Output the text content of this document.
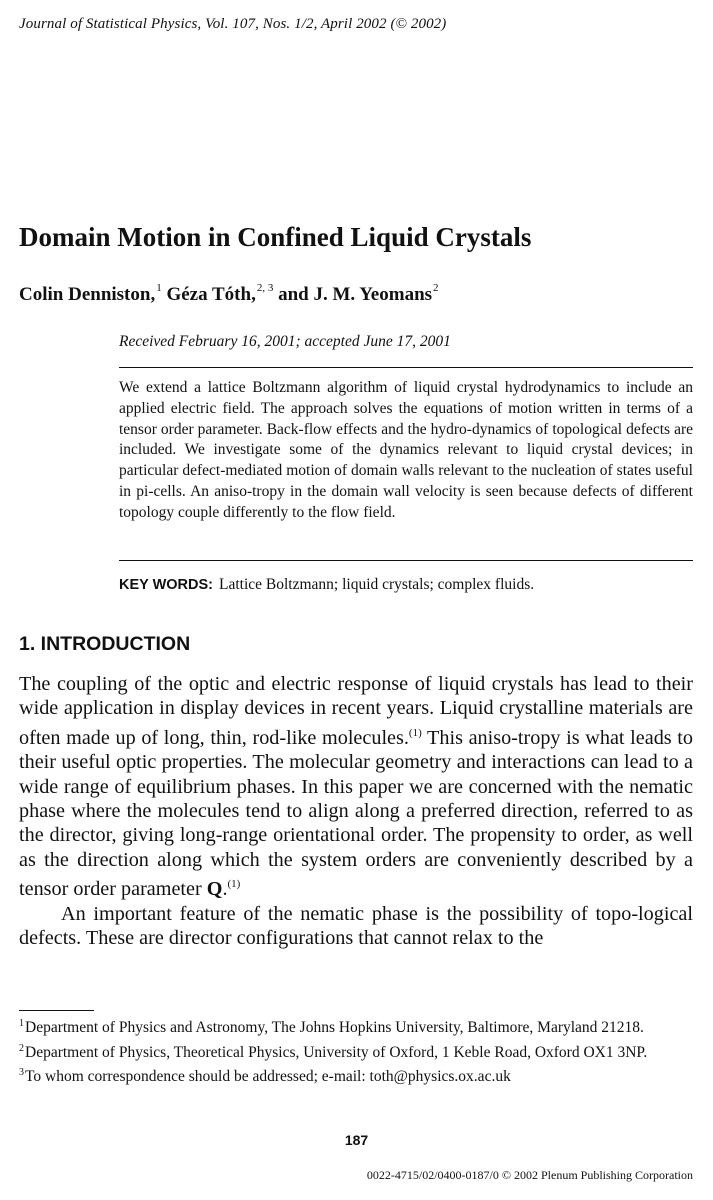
Journal of Statistical Physics, Vol. 107, Nos. 1/2, April 2002 (© 2002)
Domain Motion in Confined Liquid Crystals
Colin Denniston,$^1$ Géza Tóth,$^{2, 3}$ and J. M. Yeomans$^2$
Received February 16, 2001; accepted June 17, 2001
We extend a lattice Boltzmann algorithm of liquid crystal hydrodynamics to include an applied electric field. The approach solves the equations of motion written in terms of a tensor order parameter. Back-flow effects and the hydro-dynamics of topological defects are included. We investigate some of the dynamics relevant to liquid crystal devices; in particular defect-mediated motion of domain walls relevant to the nucleation of states useful in pi-cells. An aniso-tropy in the domain wall velocity is seen because defects of different topology couple differently to the flow field.
KEY WORDS: Lattice Boltzmann; liquid crystals; complex fluids.
1. INTRODUCTION

The coupling of the optic and electric response of liquid crystals has lead to their wide application in display devices in recent years. Liquid crystalline materials are often made up of long, thin, rod-like molecules.$^{(1)}$ This aniso-tropy is what leads to their useful optic properties. The molecular geometry and interactions can lead to a wide range of equilibrium phases. In this paper we are concerned with the nematic phase where the molecules tend to align along a preferred direction, referred to as the director, giving long-range orientational order. The propensity to order, as well as the direction along which the system orders are conveniently described by a tensor order parameter Q.$^{(1)}$

An important feature of the nematic phase is the possibility of topo-logical defects. These are director configurations that cannot relax to the

$^1$Department of Physics and Astronomy, The Johns Hopkins University, Baltimore, Maryland 21218.
$^2$Department of Physics, Theoretical Physics, University of Oxford, 1 Keble Road, Oxford OX1 3NP.
$^3$To whom correspondence should be addressed; e-mail: toth@physics.ox.ac.uk
187
0022-4715/02/0400-0187/0 © 2002 Plenum Publishing Corporation
